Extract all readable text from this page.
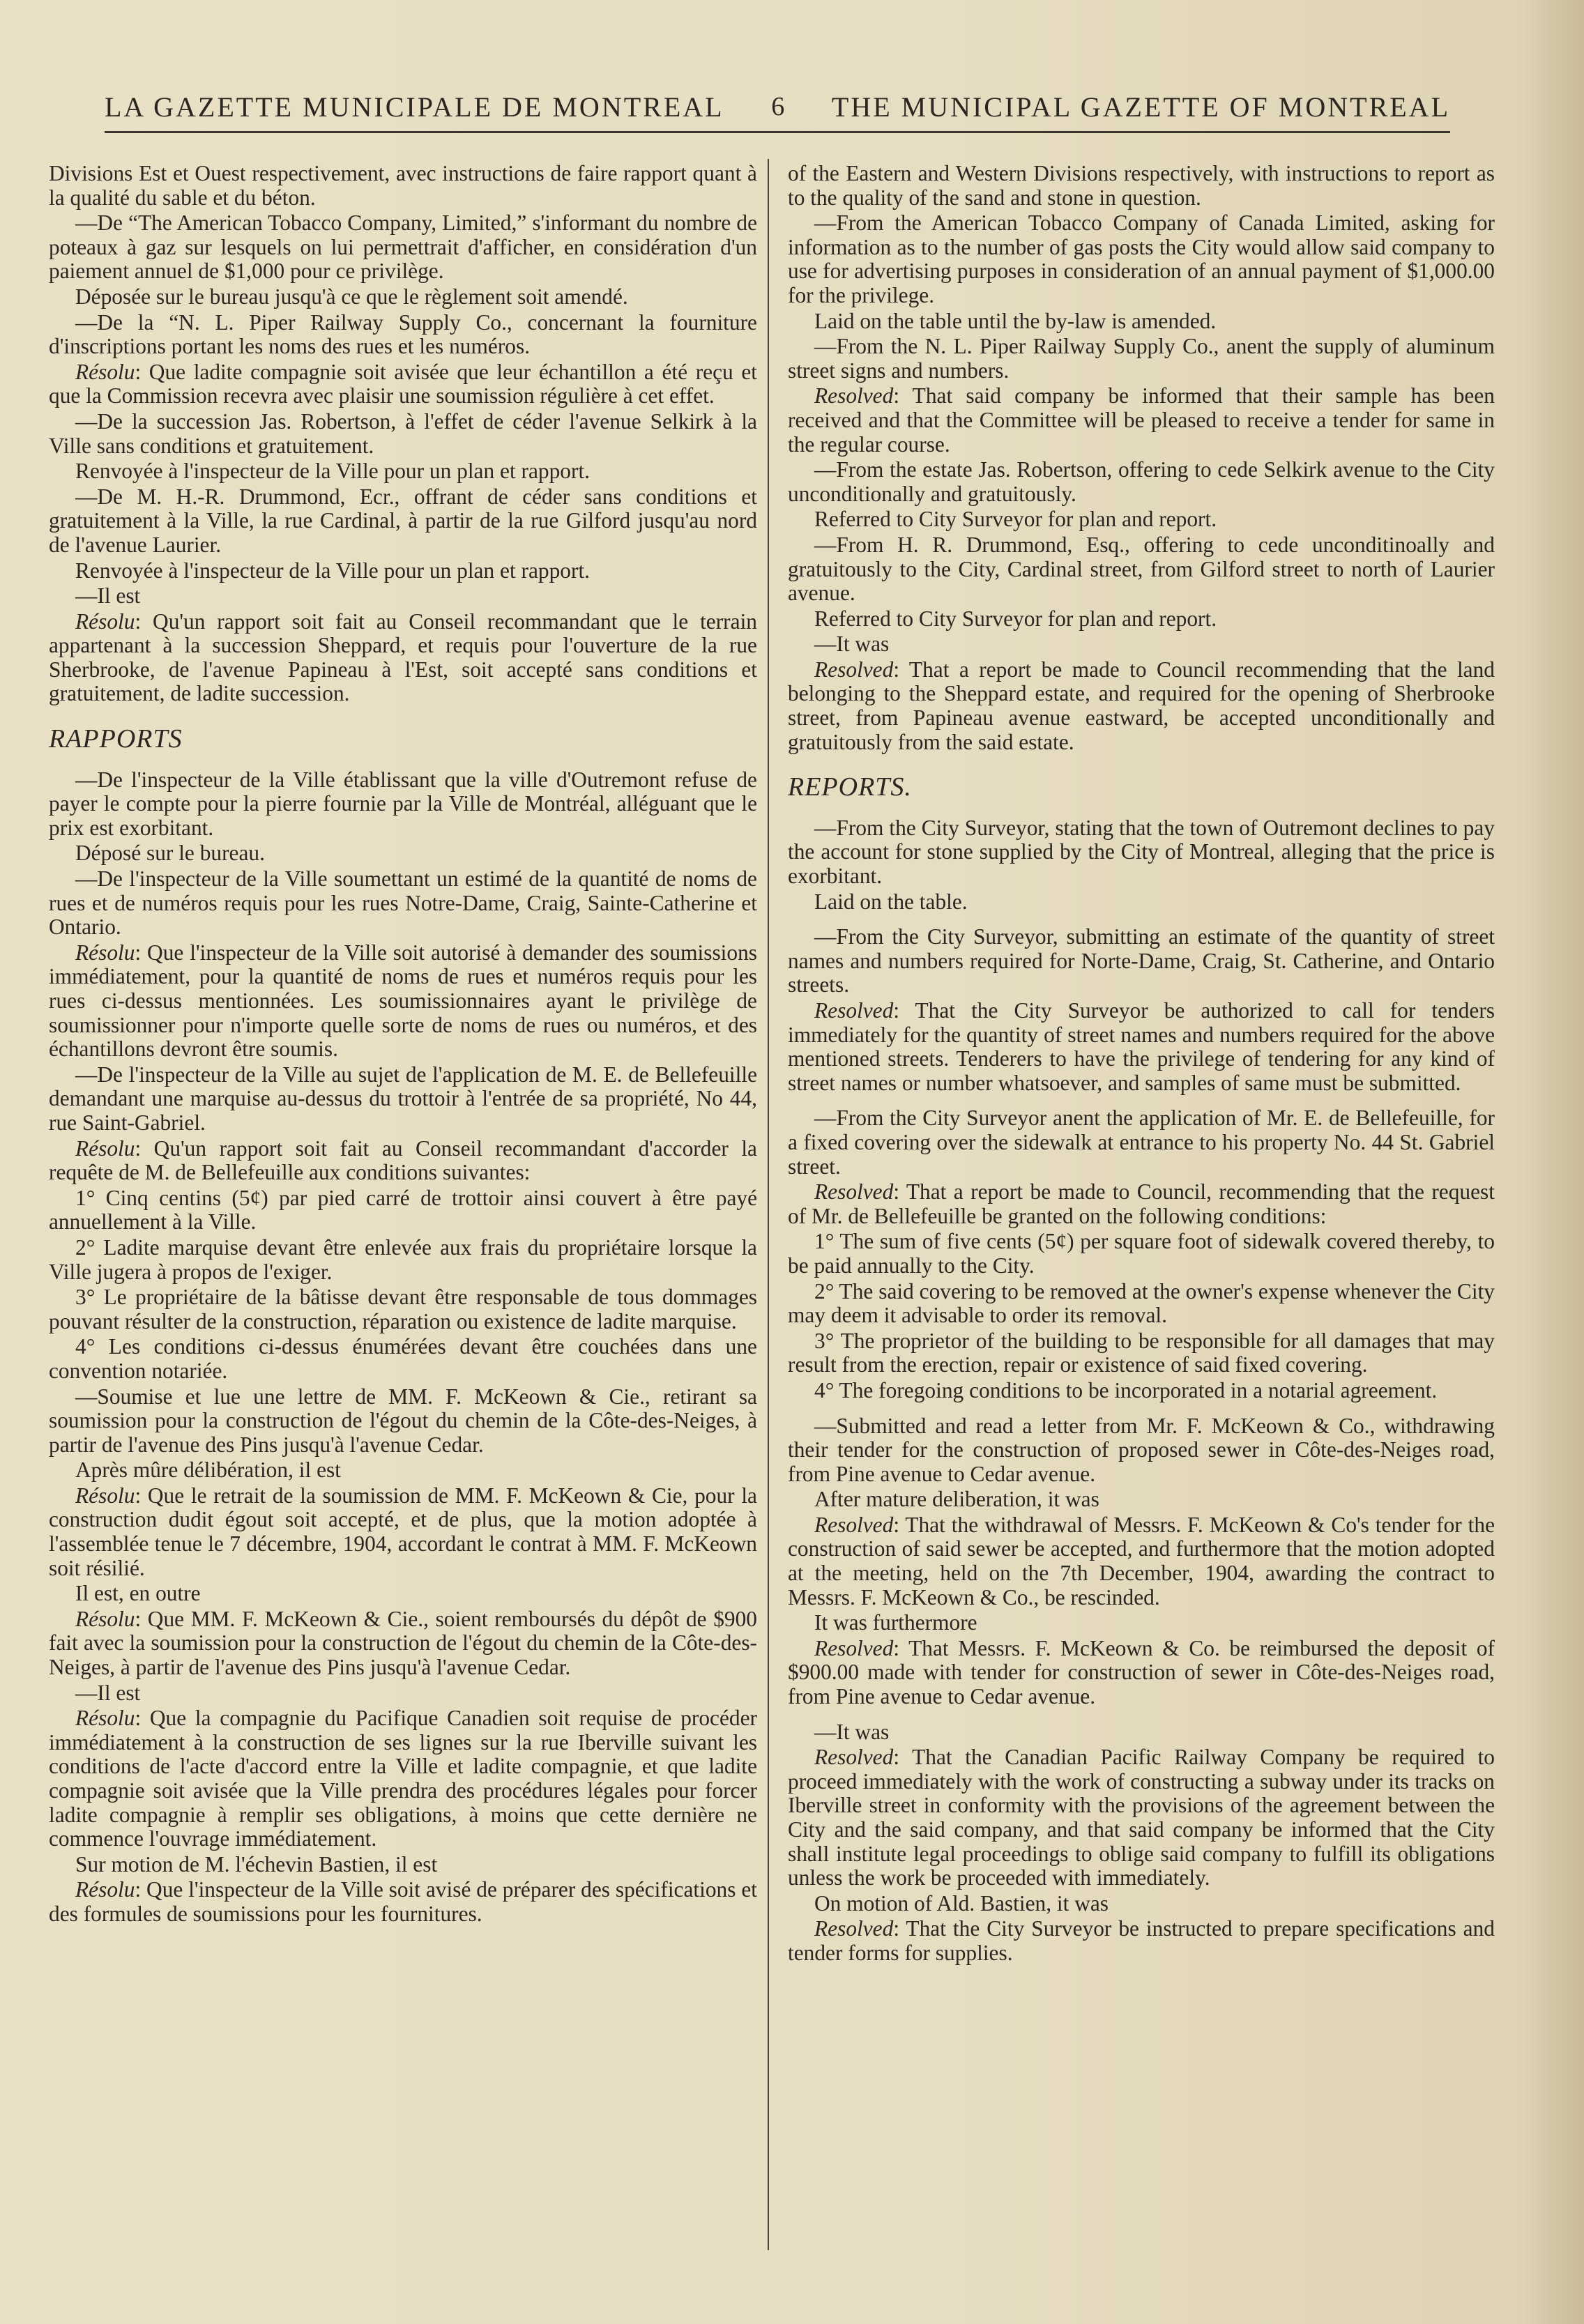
LA GAZETTE MUNICIPALE DE MONTREAL 6 THE MUNICIPAL GAZETTE OF MONTREAL

Divisions Est et Ouest respectivement, avec instructions de faire rapport quant à la qualité du sable et du béton.

—De “The American Tobacco Company, Limited,” s'informant du nombre de poteaux à gaz sur lesquels on lui permettrait d'afficher, en considération d'un paiement annuel de $1,000 pour ce privilège.

Déposée sur le bureau jusqu'à ce que le règlement soit amendé.

—De la “N. L. Piper Railway Supply Co., concernant la fourniture d'inscriptions portant les noms des rues et les numéros.

Résolu: Que ladite compagnie soit avisée que leur échantillon a été reçu et que la Commission recevra avec plaisir une soumission régulière à cet effet.

—De la succession Jas. Robertson, à l'effet de céder l'avenue Selkirk à la Ville sans conditions et gratuitement.

Renvoyée à l'inspecteur de la Ville pour un plan et rapport.

—De M. H.-R. Drummond, Ecr., offrant de céder sans conditions et gratuitement à la Ville, la rue Cardinal, à partir de la rue Gilford jusqu'au nord de l'avenue Laurier.

Renvoyée à l'inspecteur de la Ville pour un plan et rapport.

—Il est

Résolu: Qu'un rapport soit fait au Conseil recommandant que le terrain appartenant à la succession Sheppard, et requis pour l'ouverture de la rue Sherbrooke, de l'avenue Papineau à l'Est, soit accepté sans conditions et gratuitement, de ladite succession.

RAPPORTS

—De l'inspecteur de la Ville établissant que la ville d'Outremont refuse de payer le compte pour la pierre fournie par la Ville de Montréal, alléguant que le prix est exorbitant.

Déposé sur le bureau.

—De l'inspecteur de la Ville soumettant un estimé de la quantité de noms de rues et de numéros requis pour les rues Notre-Dame, Craig, Sainte-Catherine et Ontario.

Résolu: Que l'inspecteur de la Ville soit autorisé à demander des soumissions immédiatement, pour la quantité de noms de rues et numéros requis pour les rues ci-dessus mentionnées. Les soumissionnaires ayant le privilège de soumissionner pour n'importe quelle sorte de noms de rues ou numéros, et des échantillons devront être soumis.

—De l'inspecteur de la Ville au sujet de l'application de M. E. de Bellefeuille demandant une marquise au-dessus du trottoir à l'entrée de sa propriété, No 44, rue Saint-Gabriel.

Résolu: Qu'un rapport soit fait au Conseil recommandant d'accorder la requête de M. de Bellefeuille aux conditions suivantes:

1° Cinq centins (5¢) par pied carré de trottoir ainsi couvert à être payé annuellement à la Ville.

2° Ladite marquise devant être enlevée aux frais du propriétaire lorsque la Ville jugera à propos de l'exiger.

3° Le propriétaire de la bâtisse devant être responsable de tous dommages pouvant résulter de la construction, réparation ou existence de ladite marquise.

4° Les conditions ci-dessus énumérées devant être couchées dans une convention notariée.

—Soumise et lue une lettre de MM. F. McKeown & Cie., retirant sa soumission pour la construction de l'égout du chemin de la Côte-des-Neiges, à partir de l'avenue des Pins jusqu'à l'avenue Cedar.

Après mûre délibération, il est

Résolu: Que le retrait de la soumission de MM. F. McKeown & Cie, pour la construction dudit égout soit accepté, et de plus, que la motion adoptée à l'assemblée tenue le 7 décembre, 1904, accordant le contrat à MM. F. McKeown soit résilié.

Il est, en outre

Résolu: Que MM. F. McKeown & Cie., soient remboursés du dépôt de $900 fait avec la soumission pour la construction de l'égout du chemin de la Côte-des-Neiges, à partir de l'avenue des Pins jusqu'à l'avenue Cedar.

—Il est

Résolu: Que la compagnie du Pacifique Canadien soit requise de procéder immédiatement à la construction de ses lignes sur la rue Iberville suivant les conditions de l'acte d'accord entre la Ville et ladite compagnie, et que ladite compagnie soit avisée que la Ville prendra des procédures légales pour forcer ladite compagnie à remplir ses obligations, à moins que cette dernière ne commence l'ouvrage immédiatement.

Sur motion de M. l'échevin Bastien, il est

Résolu: Que l'inspecteur de la Ville soit avisé de préparer des spécifications et des formules de soumissions pour les fournitures.

of the Eastern and Western Divisions respectively, with instructions to report as to the quality of the sand and stone in question.

—From the American Tobacco Company of Canada Limited, asking for information as to the number of gas posts the City would allow said company to use for advertising purposes in consideration of an annual payment of $1,000.00 for the privilege.

Laid on the table until the by-law is amended.

—From the N. L. Piper Railway Supply Co., anent the supply of aluminum street signs and numbers.

Resolved: That said company be informed that their sample has been received and that the Committee will be pleased to receive a tender for same in the regular course.

—From the estate Jas. Robertson, offering to cede Selkirk avenue to the City unconditionally and gratuitously.

Referred to City Surveyor for plan and report.

—From H. R. Drummond, Esq., offering to cede unconditinoally and gratuitously to the City, Cardinal street, from Gilford street to north of Laurier avenue.

Referred to City Surveyor for plan and report.

—It was

Resolved: That a report be made to Council recommending that the land belonging to the Sheppard estate, and required for the opening of Sherbrooke street, from Papineau avenue eastward, be accepted unconditionally and gratuitously from the said estate.

REPORTS.

—From the City Surveyor, stating that the town of Outremont declines to pay the account for stone supplied by the City of Montreal, alleging that the price is exorbitant.

Laid on the table.

—From the City Surveyor, submitting an estimate of the quantity of street names and numbers required for Norte-Dame, Craig, St. Catherine, and Ontario streets.

Resolved: That the City Surveyor be authorized to call for tenders immediately for the quantity of street names and numbers required for the above mentioned streets. Tenderers to have the privilege of tendering for any kind of street names or number whatsoever, and samples of same must be submitted.

—From the City Surveyor anent the application of Mr. E. de Bellefeuille, for a fixed covering over the sidewalk at entrance to his property No. 44 St. Gabriel street.

Resolved: That a report be made to Council, recommending that the request of Mr. de Bellefeuille be granted on the following conditions:

1° The sum of five cents (5¢) per square foot of sidewalk covered thereby, to be paid annually to the City.

2° The said covering to be removed at the owner's expense whenever the City may deem it advisable to order its removal.

3° The proprietor of the building to be responsible for all damages that may result from the erection, repair or existence of said fixed covering.

4° The foregoing conditions to be incorporated in a notarial agreement.

—Submitted and read a letter from Mr. F. McKeown & Co., withdrawing their tender for the construction of proposed sewer in Côte-des-Neiges road, from Pine avenue to Cedar avenue.

After mature deliberation, it was

Resolved: That the withdrawal of Messrs. F. McKeown & Co's tender for the construction of said sewer be accepted, and furthermore that the motion adopted at the meeting, held on the 7th December, 1904, awarding the contract to Messrs. F. McKeown & Co., be rescinded.

It was furthermore

Resolved: That Messrs. F. McKeown & Co. be reimbursed the deposit of $900.00 made with tender for construction of sewer in Côte-des-Neiges road, from Pine avenue to Cedar avenue.

—It was

Resolved: That the Canadian Pacific Railway Company be required to proceed immediately with the work of constructing a subway under its tracks on Iberville street in conformity with the provisions of the agreement between the City and the said company, and that said company be informed that the City shall institute legal proceedings to oblige said company to fulfill its obligations unless the work be proceeded with immediately.

On motion of Ald. Bastien, it was

Resolved: That the City Surveyor be instructed to prepare specifications and tender forms for supplies.
